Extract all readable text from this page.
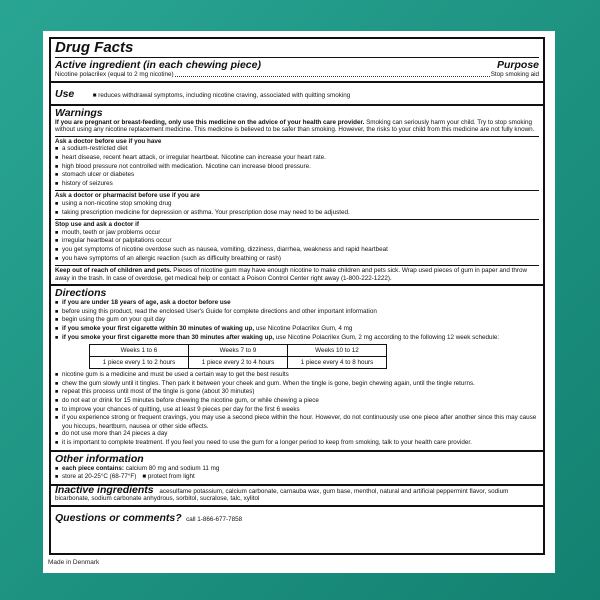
Drug Facts
Active ingredient (in each chewing piece)	Purpose
Nicotine polacrilex (equal to 2 mg nicotine)	Stop smoking aid
Use	■ reduces withdrawal symptoms, including nicotine craving, associated with quitting smoking
Warnings
If you are pregnant or breast-feeding, only use this medicine on the advice of your health care provider. Smoking can seriously harm your child. Try to stop smoking without using any nicotine replacement medicine. This medicine is believed to be safer than smoking. However, the risks to your child from this medicine are not fully known.
Ask a doctor before use if you have
■ a sodium-restricted diet
■ heart disease, recent heart attack, or irregular heartbeat. Nicotine can increase your heart rate.
■ high blood pressure not controlled with medication. Nicotine can increase blood pressure.
■ stomach ulcer or diabetes
■ history of seizures
Ask a doctor or pharmacist before use if you are
■ using a non-nicotine stop smoking drug
■ taking prescription medicine for depression or asthma. Your prescription dose may need to be adjusted.
Stop use and ask a doctor if
■ mouth, teeth or jaw problems occur
■ irregular heartbeat or palpitations occur
■ you get symptoms of nicotine overdose such as nausea, vomiting, dizziness, diarrhea, weakness and rapid heartbeat
■ you have symptoms of an allergic reaction (such as difficulty breathing or rash)
Keep out of reach of children and pets. Pieces of nicotine gum may have enough nicotine to make children and pets sick. Wrap used pieces of gum in paper and throw away in the trash. In case of overdose, get medical help or contact a Poison Control Center right away (1-800-222-1222).
Directions
■ if you are under 18 years of age, ask a doctor before use
■ before using this product, read the enclosed User's Guide for complete directions and other important information
■ begin using the gum on your quit day
■ if you smoke your first cigarette within 30 minutes of waking up, use Nicotine Polacrilex Gum, 4 mg
■ if you smoke your first cigarette more than 30 minutes after waking up, use Nicotine Polacrilex Gum, 2 mg according to the following 12 week schedule:
Weeks 1 to 6	Weeks 7 to 9	Weeks 10 to 12
1 piece every 1 to 2 hours	1 piece every 2 to 4 hours	1 piece every 4 to 8 hours
■ nicotine gum is a medicine and must be used a certain way to get the best results
■ chew the gum slowly until it tingles. Then park it between your cheek and gum. When the tingle is gone, begin chewing again, until the tingle returns.
■ repeat this process until most of the tingle is gone (about 30 minutes)
■ do not eat or drink for 15 minutes before chewing the nicotine gum, or while chewing a piece
■ to improve your chances of quitting, use at least 9 pieces per day for the first 6 weeks
■ if you experience strong or frequent cravings, you may use a second piece within the hour. However, do not continuously use one piece after another since this may cause you hiccups, heartburn, nausea or other side effects.
■ do not use more than 24 pieces a day
■ it is important to complete treatment. If you feel you need to use the gum for a longer period to keep from smoking, talk to your health care provider.
Other information
■ each piece contains: calcium 80 mg and sodium 11 mg
■ store at 20-25°C (68-77°F) ■ protect from light
Inactive ingredients acesulfame potassium, calcium carbonate, carnauba wax, gum base, menthol, natural and artificial peppermint flavor, sodium bicarbonate, sodium carbonate anhydrous, sorbitol, sucralose, talc, xylitol
Questions or comments? call 1-866-677-7858
Made in Denmark
